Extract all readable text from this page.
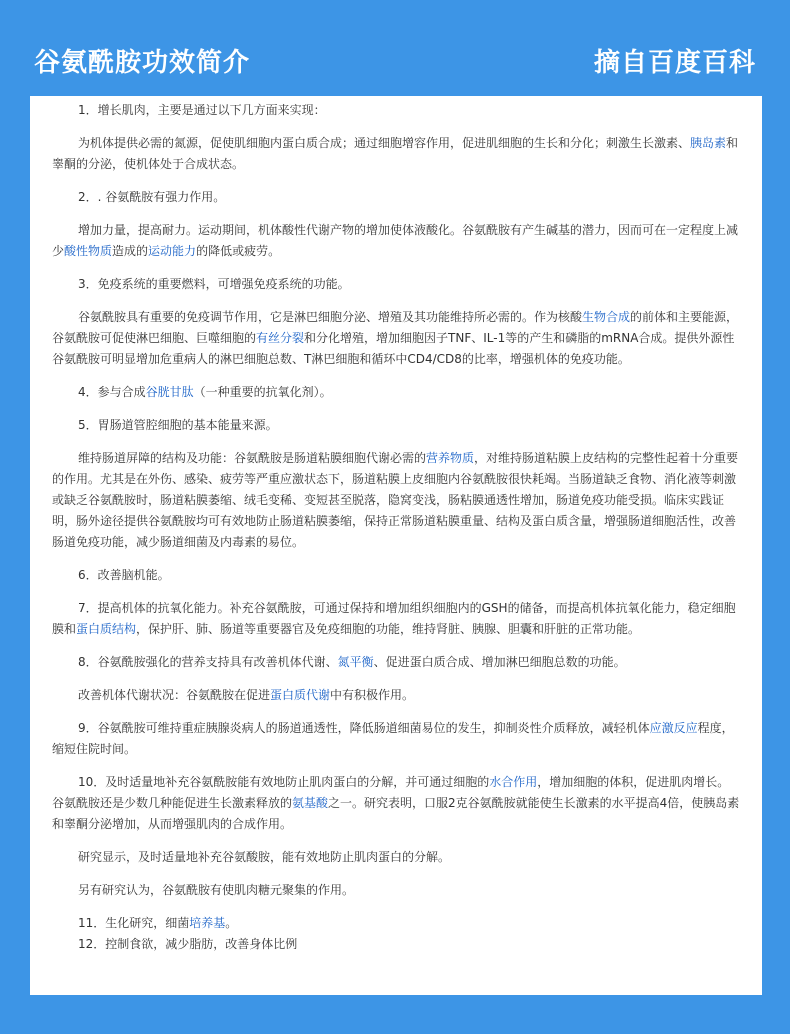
谷氨酰胺功效简介	摘自百度百科

1．增长肌肉，主要是通过以下几方面来实现：

为机体提供必需的氮源，促使肌细胞内蛋白质合成；通过细胞增容作用，促进肌细胞的生长和分化；刺激生长激素、胰岛素和睾酮的分泌，使机体处于合成状态。

2．. 谷氨酰胺有强力作用。

增加力量，提高耐力。运动期间，机体酸性代谢产物的增加使体液酸化。谷氨酰胺有产生碱基的潜力，因而可在一定程度上减少酸性物质造成的运动能力的降低或疲劳。

3．免疫系统的重要燃料，可增强免疫系统的功能。

谷氨酰胺具有重要的免疫调节作用，它是淋巴细胞分泌、增殖及其功能维持所必需的。作为核酸生物合成的前体和主要能源，谷氨酰胺可促使淋巴细胞、巨噬细胞的有丝分裂和分化增殖，增加细胞因子TNF、IL-1等的产生和磷脂的mRNA合成。提供外源性谷氨酰胺可明显增加危重病人的淋巴细胞总数、T淋巴细胞和循环中CD4/CD8的比率，增强机体的免疫功能。

4．参与合成谷胱甘肽（一种重要的抗氧化剂）。

5．胃肠道管腔细胞的基本能量来源。

维持肠道屏障的结构及功能：谷氨酰胺是肠道粘膜细胞代谢必需的营养物质，对维持肠道粘膜上皮结构的完整性起着十分重要的作用。尤其是在外伤、感染、疲劳等严重应激状态下，肠道粘膜上皮细胞内谷氨酰胺很快耗竭。当肠道缺乏食物、消化液等刺激或缺乏谷氨酰胺时，肠道粘膜萎缩、绒毛变稀、变短甚至脱落，隐窝变浅，肠粘膜通透性增加，肠道免疫功能受损。临床实践证明，肠外途径提供谷氨酰胺均可有效地防止肠道粘膜萎缩，保持正常肠道粘膜重量、结构及蛋白质含量，增强肠道细胞活性，改善肠道免疫功能，减少肠道细菌及内毒素的易位。

6．改善脑机能。

7．提高机体的抗氧化能力。补充谷氨酰胺，可通过保持和增加组织细胞内的GSH的储备，而提高机体抗氧化能力，稳定细胞膜和蛋白质结构，保护肝、肺、肠道等重要器官及免疫细胞的功能，维持肾脏、胰腺、胆囊和肝脏的正常功能。

8．谷氨酰胺强化的营养支持具有改善机体代谢、氮平衡、促进蛋白质合成、增加淋巴细胞总数的功能。

改善机体代谢状况：谷氨酰胺在促进蛋白质代谢中有积极作用。

9．谷氨酰胺可维持重症胰腺炎病人的肠道通透性，降低肠道细菌易位的发生，抑制炎性介质释放，减轻机体应激反应程度，缩短住院时间。

10．及时适量地补充谷氨酰胺能有效地防止肌肉蛋白的分解，并可通过细胞的水合作用，增加细胞的体积，促进肌肉增长。谷氨酰胺还是少数几种能促进生长激素释放的氨基酸之一。研究表明，口服2克谷氨酰胺就能使生长激素的水平提高4倍，使胰岛素和睾酮分泌增加，从而增强肌肉的合成作用。

研究显示，及时适量地补充谷氨酸胺，能有效地防止肌肉蛋白的分解。

另有研究认为，谷氨酰胺有使肌肉糖元聚集的作用。

11．生化研究，细菌培养基。

12．控制食欲，减少脂肪，改善身体比例
